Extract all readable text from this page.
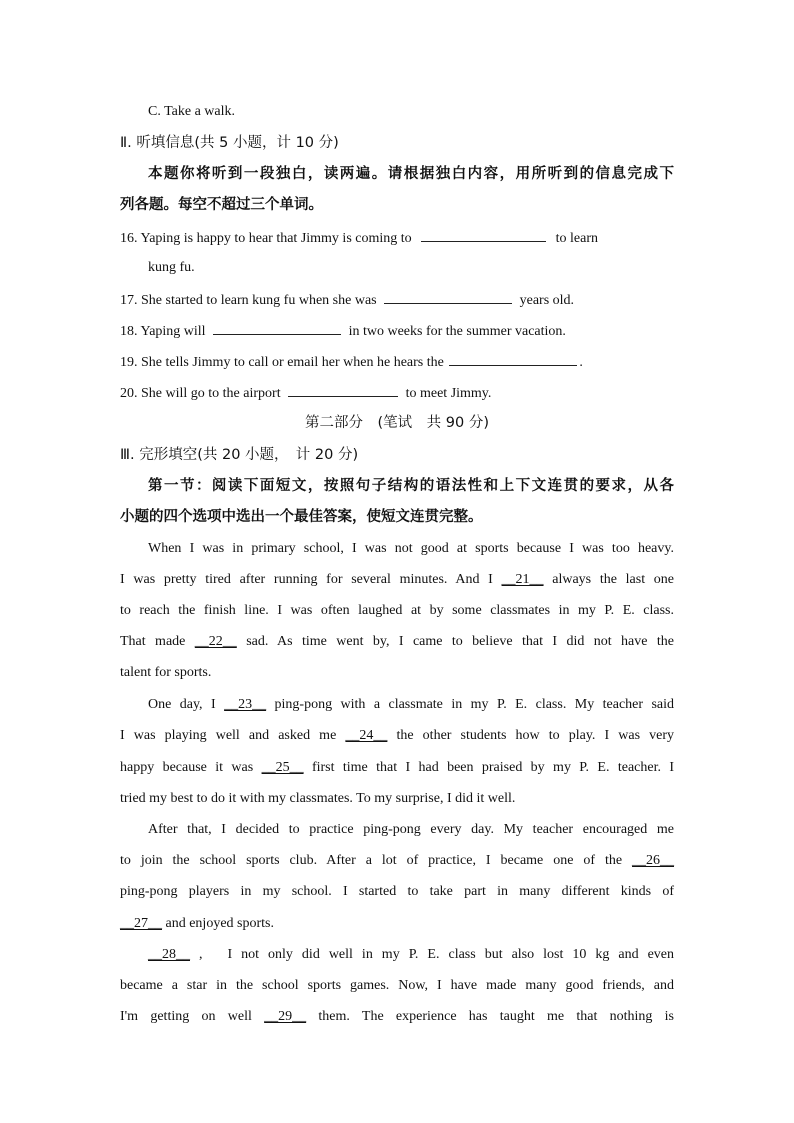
C. Take a walk.
Ⅱ. 听填信息(共 5 小题，计 10 分)
本题你将听到一段独白，读两遍。请根据独白内容，用所听到的信息完成下
列各题。每空不超过三个单词。
16. Yaping is happy to hear that Jimmy is coming to	to learn
kung fu.
17. She started to learn kung fu when she was	years old.
18. Yaping will	in two weeks for the summer vacation.
19. She tells Jimmy to call or email her when he hears the	.
20. She will go to the airport	to meet Jimmy.
第二部分　(笔试　共 90 分)
Ⅲ. 完形填空(共 20 小题，　计 20 分)
第一节：阅读下面短文，按照句子结构的语法性和上下文连贯的要求，从各
小题的四个选项中选出一个最佳答案，使短文连贯完整。
When I was in primary school, I was not good at sports because I was too heavy.
I was pretty tired after running for several minutes. And I __21__ always the last one
to reach the finish line. I was often laughed at by some classmates in my P. E. class.
That made __22__ sad. As time went by, I came to believe that I did not have the
talent for sports.
One day, I __23__ ping-pong with a classmate in my P. E. class. My teacher said
I was playing well and asked me __24__ the other students how to play. I was very
happy because it was __25__ first time that I had been praised by my P. E. teacher. I
tried my best to do it with my classmates. To my surprise, I did it well.
After that, I decided to practice ping-pong every day. My teacher encouraged me
to join the school sports club. After a lot of practice, I became one of the __26__
ping-pong players in my school. I started to take part in many different kinds of
__27__ and enjoyed sports.
__28__ ,　I not only did well in my P. E. class but also lost 10 kg and even
became a star in the school sports games. Now, I have made many good friends, and
I'm getting on well __29__ them. The experience has taught me that nothing is
